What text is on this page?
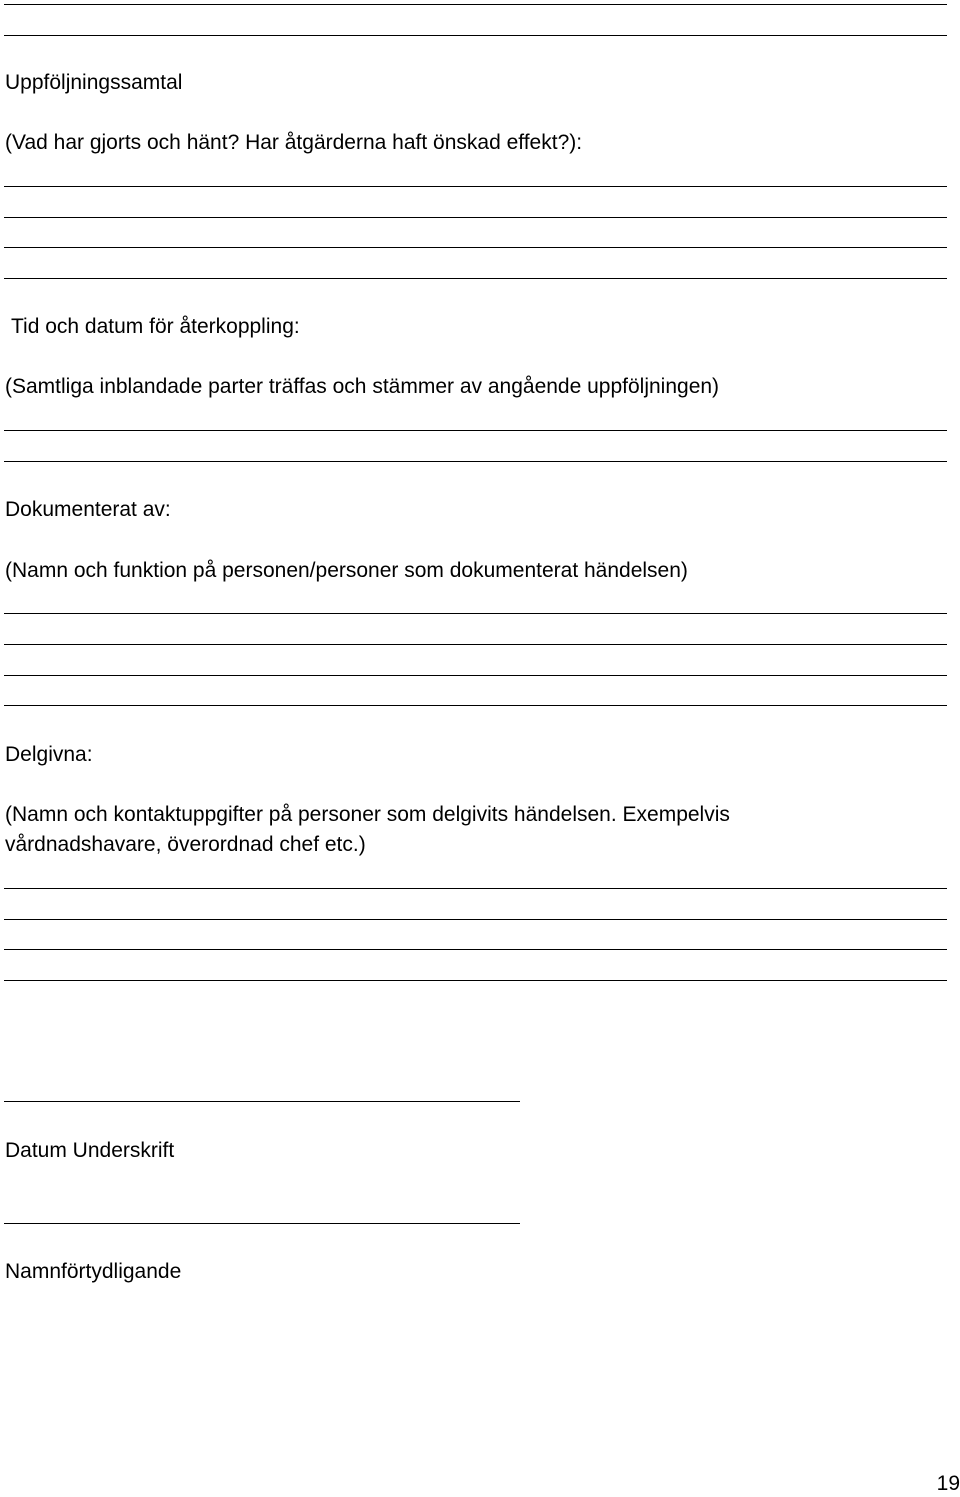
Uppföljningssamtal

(Vad har gjorts och hänt? Har åtgärderna haft önskad effekt?):

Tid och datum för återkoppling:

(Samtliga inblandade parter träffas och stämmer av angående uppföljningen)

Dokumenterat av:

(Namn och funktion på personen/personer som dokumenterat händelsen)

Delgivna:

(Namn och kontaktuppgifter på personer som delgivits händelsen. Exempelvis

vårdnadshavare, överordnad chef etc.)

Datum Underskrift

Namnförtydligande

19
